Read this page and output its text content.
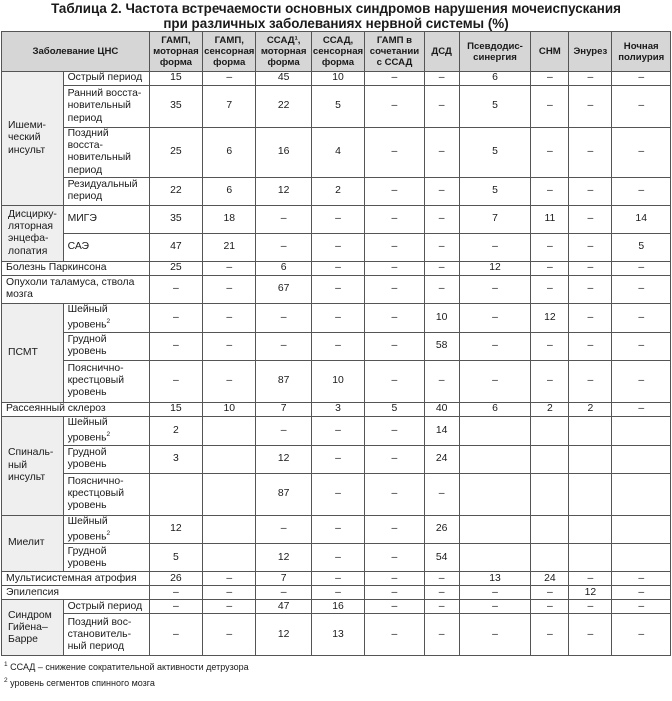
Таблица 2. Частота встречаемости основных синдромов нарушения мочеиспускания
при различных заболеваниях нервной системы (%)
Заболевание ЦНС		ГАМП, моторная форма	ГАМП, сенсорная форма	ССАД¹, моторная форма	ССАД, сенсорная форма	ГАМП в сочетании с ССАД	ДСД	Псевдодис- синергия	СНМ	Энурез	Ночная полиурия
Ишеми- ческий инсульт	Острый период	15	–	45	10	–	–	6	–	–	–
	Ранний восста- новительный период	35	7	22	5	–	–	5	–	–	–
	Поздний восста- новительный период	25	6	16	4	–	–	5	–	–	–
	Резидуальный период	22	6	12	2	–	–	5	–	–	–
Дисцирку- ляторная энцефа- лопатия	МИГЭ	35	18	–	–	–	–	7	11	–	14
	САЭ	47	21	–	–	–	–	–	–	–	5
Болезнь Паркинсона		25	–	6	–	–	–	12	–	–	–
Опухоли таламуса, ствола мозга		–	–	67	–	–	–	–	–	–	–
ПСМТ	Шейный уровень$^2$	–	–	–	–	–	10	–	12	–	–
	Грудной уровень	–	–	–	–	–	58	–	–	–	–
	Пояснично- крестцовый уровень	–	–	87	10	–	–	–	–	–	–
Рассеянный склероз		15	10	7	3	5	40	6	2	2	–
Спиналь- ный инсульт	Шейный уровень$^2$	2		–	–	–	14				
	Грудной уровень	3		12	–	–	24				
	Пояснично- крестцовый уровень			87	–	–	–				
Миелит	Шейный уровень$^2$	12		–	–	–	26				
	Грудной уровень	5		12	–	–	54				
Мультисистемная атрофия		26	–	7	–	–	–	13	24	–	–
Эпилепсия		–	–	–	–	–	–	–	–	12	–
Синдром Гийена– Барре	Острый период	–	–	47	16	–	–	–	–	–	–
	Поздний вос- становитель- ный период	–	–	12	13	–	–	–	–	–	–
$^1$ ССАД – снижение сократительной активности детрузора
$^2$ уровень сегментов спинного мозга
